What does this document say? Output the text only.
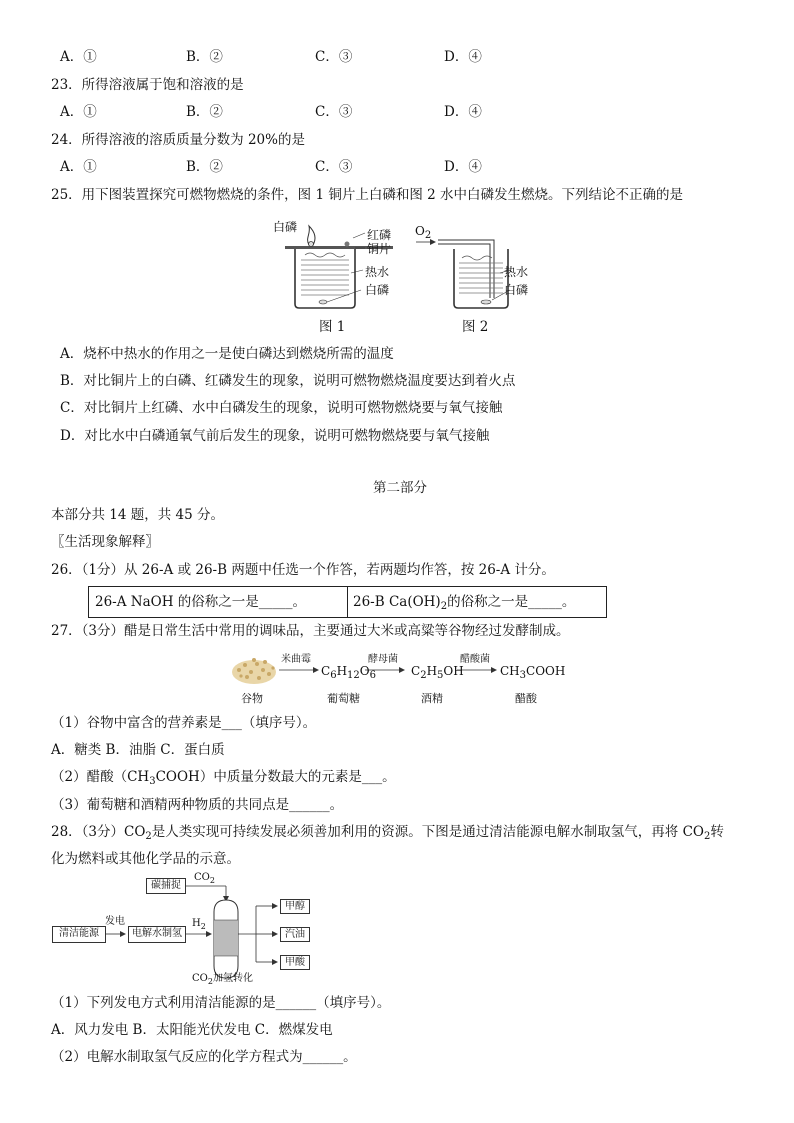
A．①	B．②	C．③	D．④
23．所得溶液属于饱和溶液的是
A．①	B．②	C．③	D．④
24．所得溶液的溶质质量分数为 20%的是
A．①	B．②	C．③	D．④
25．用下图装置探究可燃物燃烧的条件，图 1 铜片上白磷和图 2 水中白磷发生燃烧。下列结论不正确的是
白磷
红磷
铜片
热水
白磷
图 1
$O_2$
热水
白磷
图 2
A．烧杯中热水的作用之一是使白磷达到燃烧所需的温度
B．对比铜片上的白磷、红磷发生的现象，说明可燃物燃烧温度要达到着火点
C．对比铜片上红磷、水中白磷发生的现象，说明可燃物燃烧要与氧气接触
D．对比水中白磷通氧气前后发生的现象，说明可燃物燃烧要与氧气接触
第二部分
本部分共 14 题，共 45 分。
〖生活现象解释〗
26．（1分）从 26-A 或 26-B 两题中任选一个作答，若两题均作答，按 26-A 计分。
26-A NaOH 的俗称之一是_____。	26-B $Ca(OH)_2$的俗称之一是_____。
27．（3分）醋是日常生活中常用的调味品，主要通过大米或高粱等谷物经过发酵制成。
米曲霉	酵母菌	醋酸菌
$C_6H_{12}O_6$	$C_2H_5OH$	$CH_3COOH$
谷物	葡萄糖	酒精	醋酸
（1）谷物中富含的营养素是___（填序号）。
A．糖类 B．油脂 C．蛋白质
（2）醋酸$(CH_3COOH)$中质量分数最大的元素是___。
（3）葡萄糖和酒精两种物质的共同点是______。
28．（3分）$CO_2$是人类实现可持续发展必须善加利用的资源。下图是通过清洁能源电解水制取氢气，再将 $CO_2$转
化为燃料或其他化学品的示意。
碳捕捉
$CO_2$
清洁能源
发电
电解水制氢
$H_2$
甲醇
汽油
甲酸
$CO_2$加氢转化
（1）下列发电方式利用清洁能源的是______（填序号）。
A．风力发电 B．太阳能光伏发电 C．燃煤发电
（2）电解水制取氢气反应的化学方程式为______。
